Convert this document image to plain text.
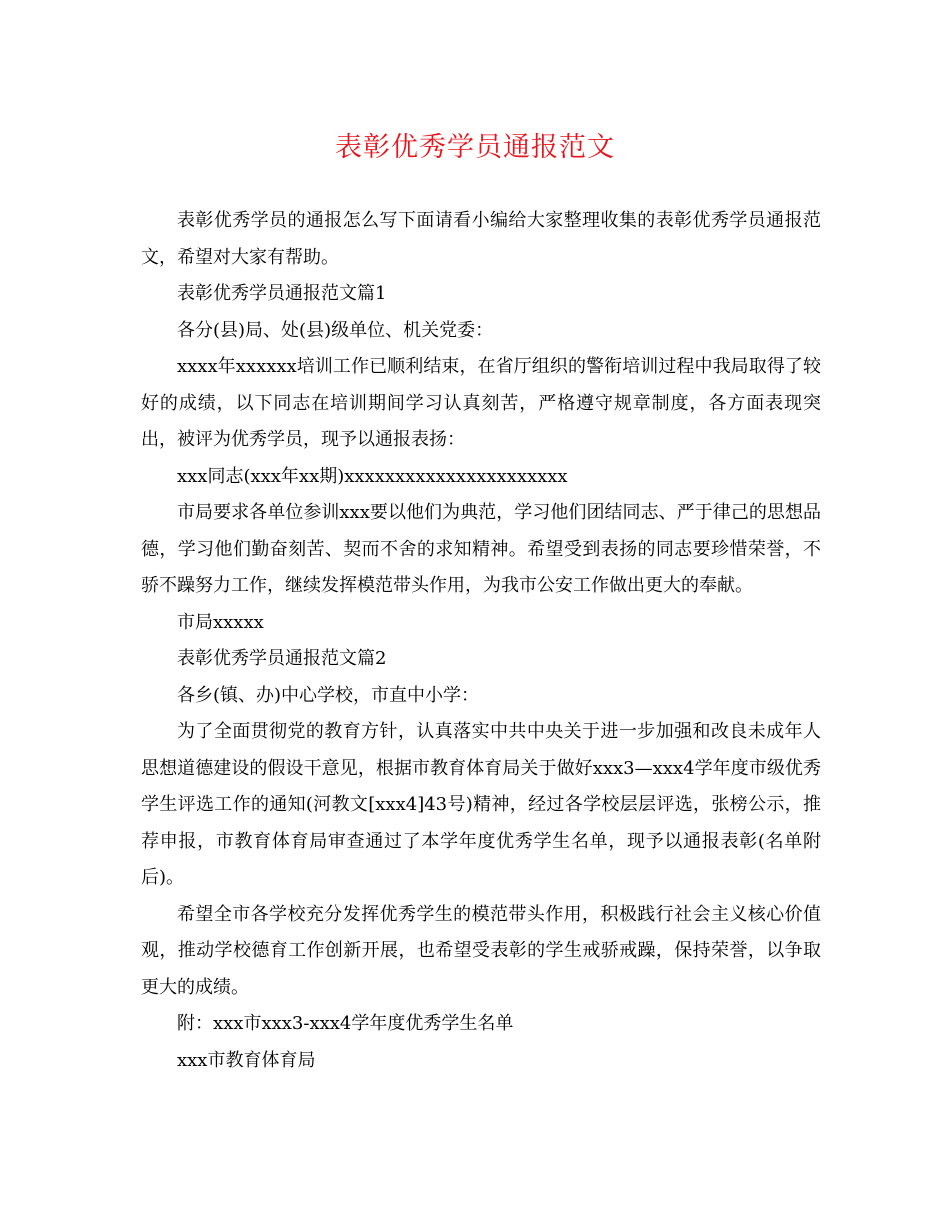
表彰优秀学员通报范文

表彰优秀学员的通报怎么写下面请看小编给大家整理收集的表彰优秀学员通报范文，希望对大家有帮助。

表彰优秀学员通报范文篇1

各分(县)局、处(县)级单位、机关党委：

xxxx年xxxxxx培训工作已顺利结束，在省厅组织的警衔培训过程中我局取得了较好的成绩，以下同志在培训期间学习认真刻苦，严格遵守规章制度，各方面表现突出，被评为优秀学员，现予以通报表扬：

xxx同志(xxx年xx期)xxxxxxxxxxxxxxxxxxxxxx

市局要求各单位参训xxx要以他们为典范，学习他们团结同志、严于律己的思想品德，学习他们勤奋刻苦、契而不舍的求知精神。希望受到表扬的同志要珍惜荣誉，不骄不躁努力工作，继续发挥模范带头作用，为我市公安工作做出更大的奉献。

市局xxxxx

表彰优秀学员通报范文篇2

各乡(镇、办)中心学校，市直中小学：

为了全面贯彻党的教育方针，认真落实中共中央关于进一步加强和改良未成年人思想道德建设的假设干意见，根据市教育体育局关于做好xxx3—xxx4学年度市级优秀学生评选工作的通知(河教文[xxx4]43号)精神，经过各学校层层评选，张榜公示，推荐申报，市教育体育局审查通过了本学年度优秀学生名单，现予以通报表彰(名单附后)。

希望全市各学校充分发挥优秀学生的模范带头作用，积极践行社会主义核心价值观，推动学校德育工作创新开展，也希望受表彰的学生戒骄戒躁，保持荣誉，以争取更大的成绩。

附：xxx市xxx3-xxx4学年度优秀学生名单

xxx市教育体育局
